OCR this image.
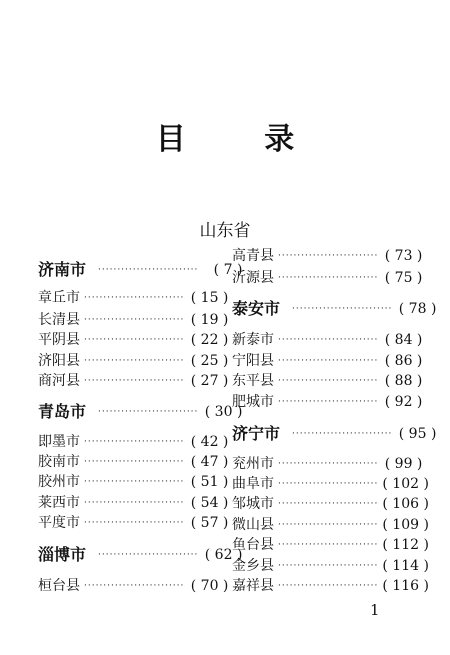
目 录
山东省
济南市 ··························	( 7 )
章丘市 ·························· ( 15 )
长清县 ·························· ( 19 )
平阴县 ·························· ( 22 )
济阳县 ·························· ( 25 )
商河县 ·························· ( 27 )
青岛市 ·························· ( 30 )
即墨市 ·························· ( 42 )
胶南市 ·························· ( 47 )
胶州市 ·························· ( 51 )
莱西市 ·························· ( 54 )
平度市 ·························· ( 57 )
淄博市 ·························· ( 62 )
桓台县 ·························· ( 70 )
高青县 ·························· ( 73 )
沂源县 ·························· ( 75 )
泰安市 ·························· ( 78 )
新泰市 ·························· ( 84 )
宁阳县 ·························· ( 86 )
东平县 ·························· ( 88 )
肥城市 ·························· ( 92 )
济宁市 ·························· ( 95 )
兖州市 ·························· ( 99 )
曲阜市 ·························· ( 102 )
邹城市 ·························· ( 106 )
微山县 ·························· ( 109 )
鱼台县 ·························· ( 112 )
金乡县 ·························· ( 114 )
嘉祥县 ·························· ( 116 )
1
